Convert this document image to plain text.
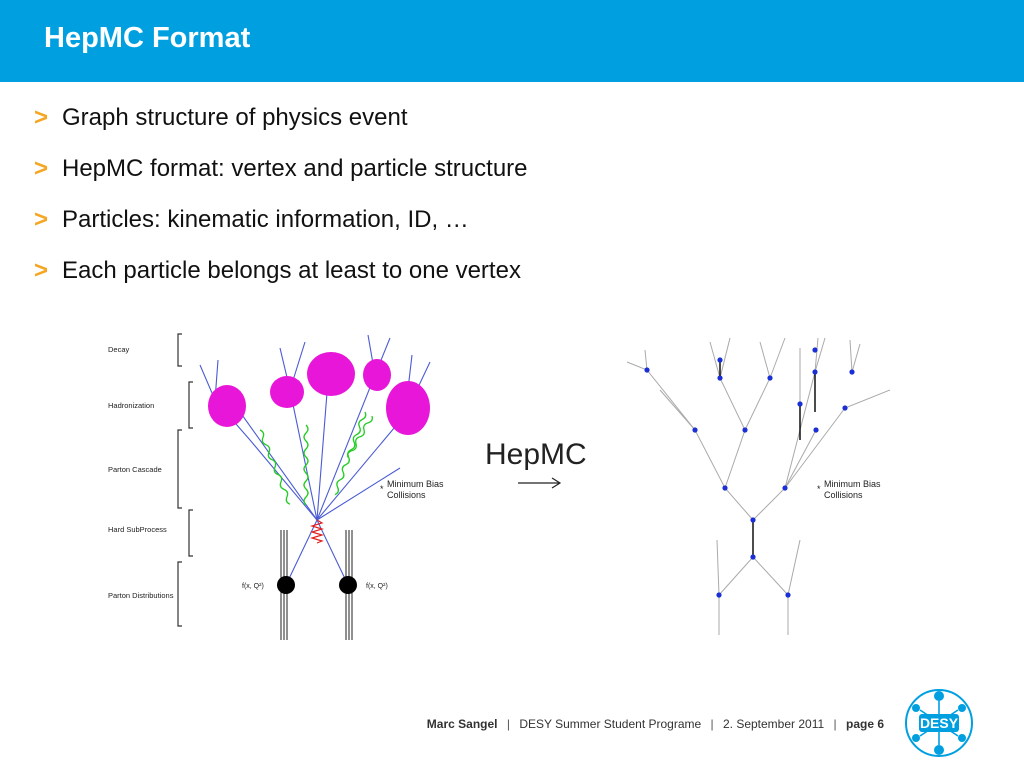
HepMC Format
> Graph structure of physics event
> HepMC format: vertex and particle structure
> Particles: kinematic information, ID, …
> Each particle belongs at least to one vertex
Decay
Hadronization
Parton Cascade
Hard SubProcess
Parton Distributions
f(x, Q²)	f(x, Q²)
* Minimum Bias
Collisions
HepMC
* Minimum Bias
Collisions
Marc Sangel | DESY Summer Student Programe | 2. September 2011 | page 6	DESY
